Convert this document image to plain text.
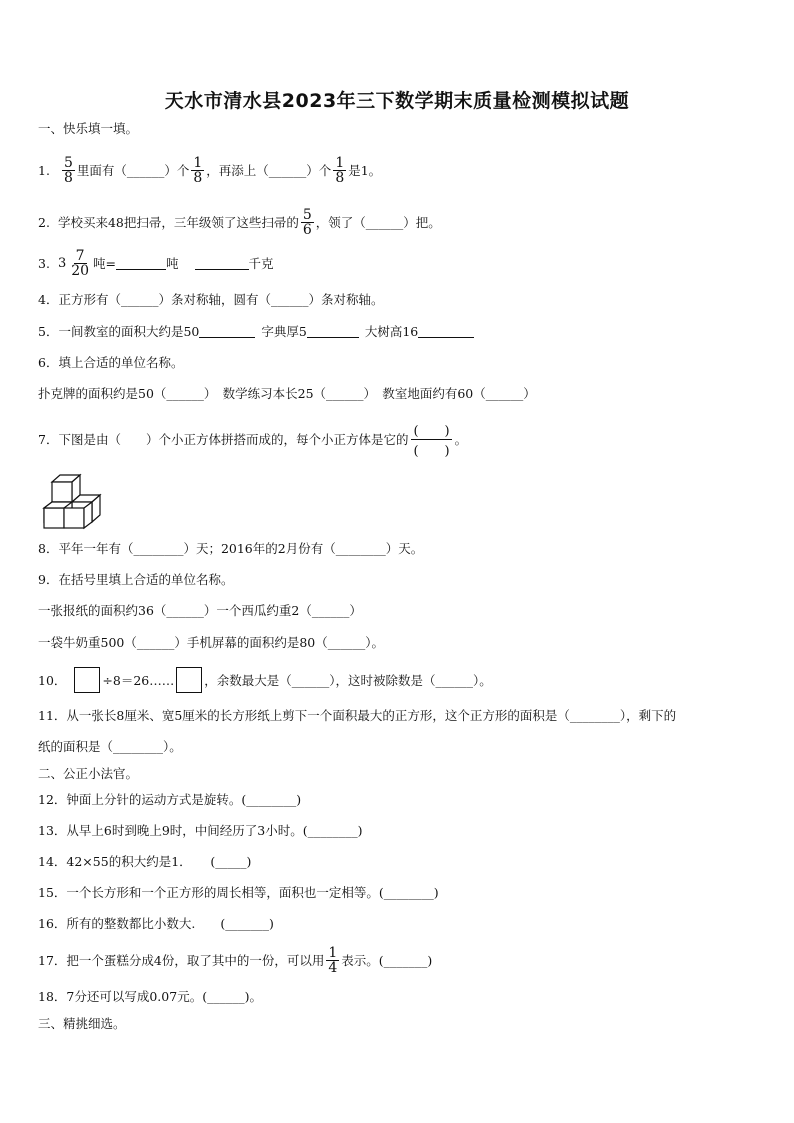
天水市清水县2023年三下数学期末质量检测模拟试题
一、快乐填一填。
1. $\frac{5}{8}$ 里面有（______）个 $\frac{1}{8}$ ，再添上（______）个 $\frac{1}{8}$ 是1。
2. 学校买来48把扫帚，三年级领了这些扫帚的 $\frac{5}{6}$ ，领了（______）把。
3. $3 \frac{7}{20}$ 吨=	吨	千克
4．正方形有（______）条对称轴，圆有（______）条对称轴。
5．一间教室的面积大约是50	字典厚5	大树高16
6．填上合适的单位名称。
扑克牌的面积约是50（______）　数学练习本长25（______）　教室地面约有60（______）
7．下图是由（　　）个小正方体拼搭而成的，每个小正方体是它的 $\frac{( )}{( )}$ 。
8．平年一年有（________）天；2016年的2月份有（________）天。
9．在括号里填上合适的单位名称。
一张报纸的面积约36（______）一个西瓜约重2（______）
一袋牛奶重500（______）手机屏幕的面积约是80（______）。
10．	÷8＝26…… ，余数最大是（______），这时被除数是（______）。
11．从一张长8厘米、宽5厘米的长方形纸上剪下一个面积最大的正方形，这个正方形的面积是（________），剩下的
纸的面积是（________）。
二、公正小法官。
12．钟面上分针的运动方式是旋转。(________)
13．从早上6时到晚上9时，中间经历了3小时。(________)
14．42×55的积大约是1．　　(_____)
15．一个长方形和一个正方形的周长相等，面积也一定相等。(________)
16．所有的整数都比小数大.　　(_______)
17．把一个蛋糕分成4份，取了其中的一份，可以用 $\frac{1}{4}$ 表示。(_______)
18．7分还可以写成0.07元。(______)。
三、精挑细选。
